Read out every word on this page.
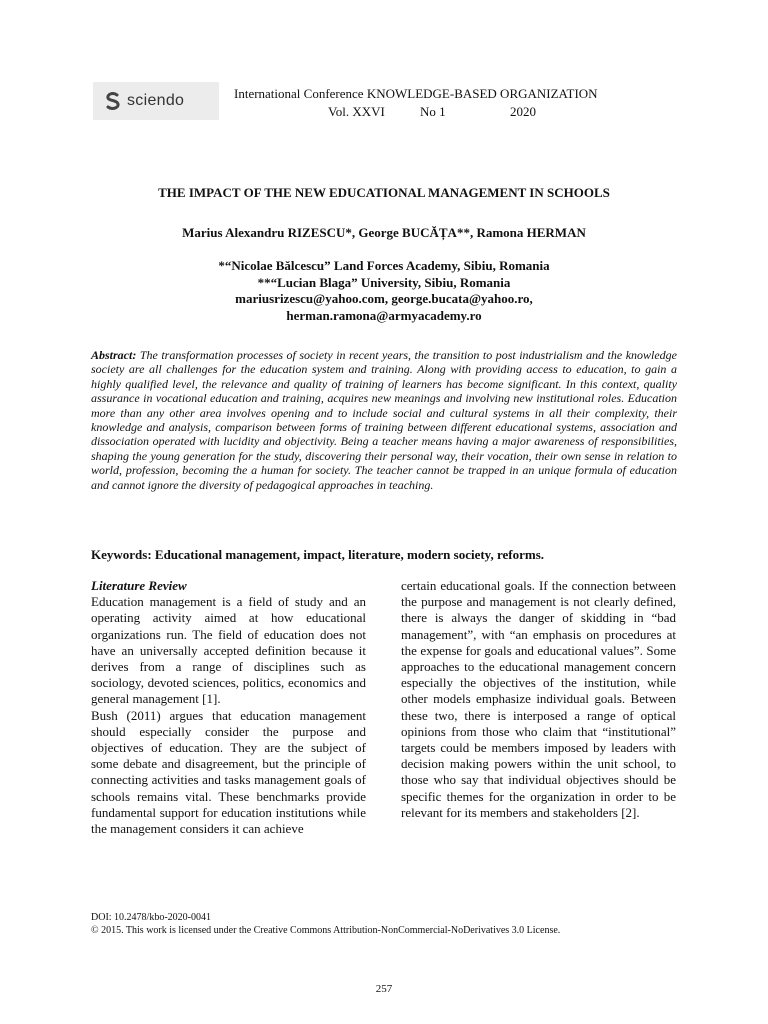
sciendo	International Conference KNOWLEDGE-BASED ORGANIZATION
Vol. XXVI	No 1	2020
THE IMPACT OF THE NEW EDUCATIONAL MANAGEMENT IN SCHOOLS
Marius Alexandru RIZESCU*, George BUCĂȚA**, Ramona HERMAN
*“Nicolae Bălcescu” Land Forces Academy, Sibiu, Romania
**“Lucian Blaga” University, Sibiu, Romania
mariusrizescu@yahoo.com, george.bucata@yahoo.ro,
herman.ramona@armyacademy.ro
Abstract: The transformation processes of society in recent years, the transition to post industrialism and the knowledge society are all challenges for the education system and training. Along with providing access to education, to gain a highly qualified level, the relevance and quality of training of learners has become significant. In this context, quality assurance in vocational education and training, acquires new meanings and involving new institutional roles. Education more than any other area involves opening and to include social and cultural systems in all their complexity, their knowledge and analysis, comparison between forms of training between different educational systems, association and dissociation operated with lucidity and objectivity. Being a teacher means having a major awareness of responsibilities, shaping the young generation for the study, discovering their personal way, their vocation, their own sense in relation to world, profession, becoming the a human for society. The teacher cannot be trapped in an unique formula of education and cannot ignore the diversity of pedagogical approaches in teaching.
Keywords: Educational management, impact, literature, modern society, reforms.

Literature Review

Education management is a field of study and an operating activity aimed at how educational organizations run. The field of education does not have an universally accepted definition because it derives from a range of disciplines such as sociology, devoted sciences, politics, economics and general management [1].

Bush (2011) argues that education management should especially consider the purpose and objectives of education. They are the subject of some debate and disagreement, but the principle of connecting activities and tasks management goals of schools remains vital. These benchmarks provide fundamental support for education institutions while the management considers it can achieve

certain educational goals. If the connection between the purpose and management is not clearly defined, there is always the danger of skidding in “bad management”, with “an emphasis on procedures at the expense for goals and educational values”. Some approaches to the educational management concern especially the objectives of the institution, while other models emphasize individual goals. Between these two, there is interposed a range of optical opinions from those who claim that “institutional” targets could be members imposed by leaders with decision making powers within the unit school, to those who say that individual objectives should be specific themes for the organization in order to be relevant for its members and stakeholders [2].

DOI: 10.2478/kbo-2020-0041
© 2015. This work is licensed under the Creative Commons Attribution-NonCommercial-NoDerivatives 3.0 License.
257
